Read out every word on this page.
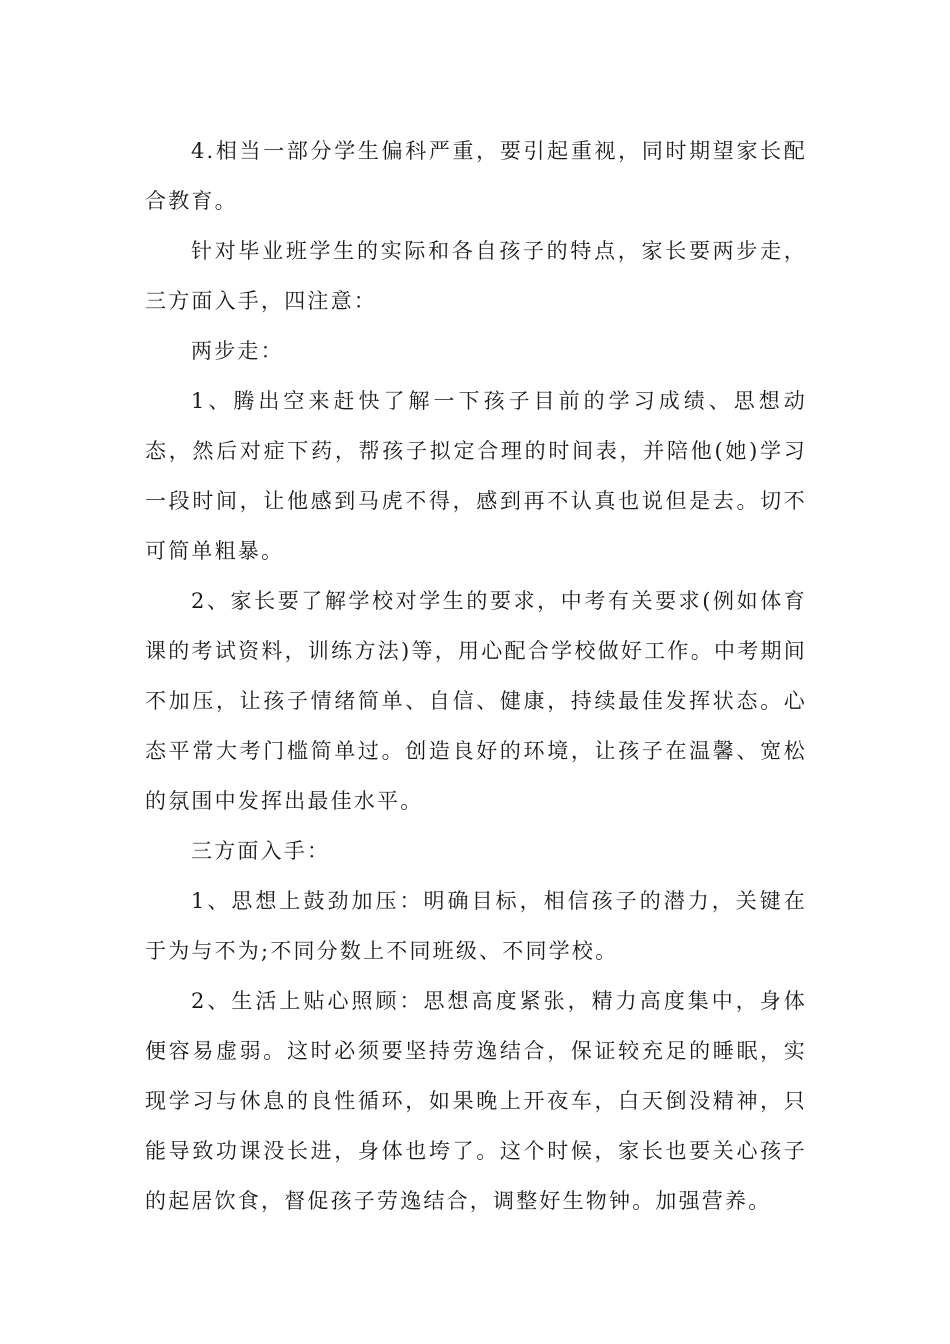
4.相当一部分学生偏科严重，要引起重视，同时期望家长配合教育。

针对毕业班学生的实际和各自孩子的特点，家长要两步走，三方面入手，四注意：

两步走：

1、腾出空来赶快了解一下孩子目前的学习成绩、思想动态，然后对症下药，帮孩子拟定合理的时间表，并陪他(她)学习一段时间，让他感到马虎不得，感到再不认真也说但是去。切不可简单粗暴。

2、家长要了解学校对学生的要求，中考有关要求(例如体育课的考试资料，训练方法)等，用心配合学校做好工作。中考期间不加压，让孩子情绪简单、自信、健康，持续最佳发挥状态。心态平常大考门槛简单过。创造良好的环境，让孩子在温馨、宽松的氛围中发挥出最佳水平。

三方面入手：

1、思想上鼓劲加压：明确目标，相信孩子的潜力，关键在于为与不为;不同分数上不同班级、不同学校。

2、生活上贴心照顾：思想高度紧张，精力高度集中，身体便容易虚弱。这时必须要坚持劳逸结合，保证较充足的睡眠，实现学习与休息的良性循环，如果晚上开夜车，白天倒没精神，只能导致功课没长进，身体也垮了。这个时候，家长也要关心孩子的起居饮食，督促孩子劳逸结合，调整好生物钟。加强营养。
